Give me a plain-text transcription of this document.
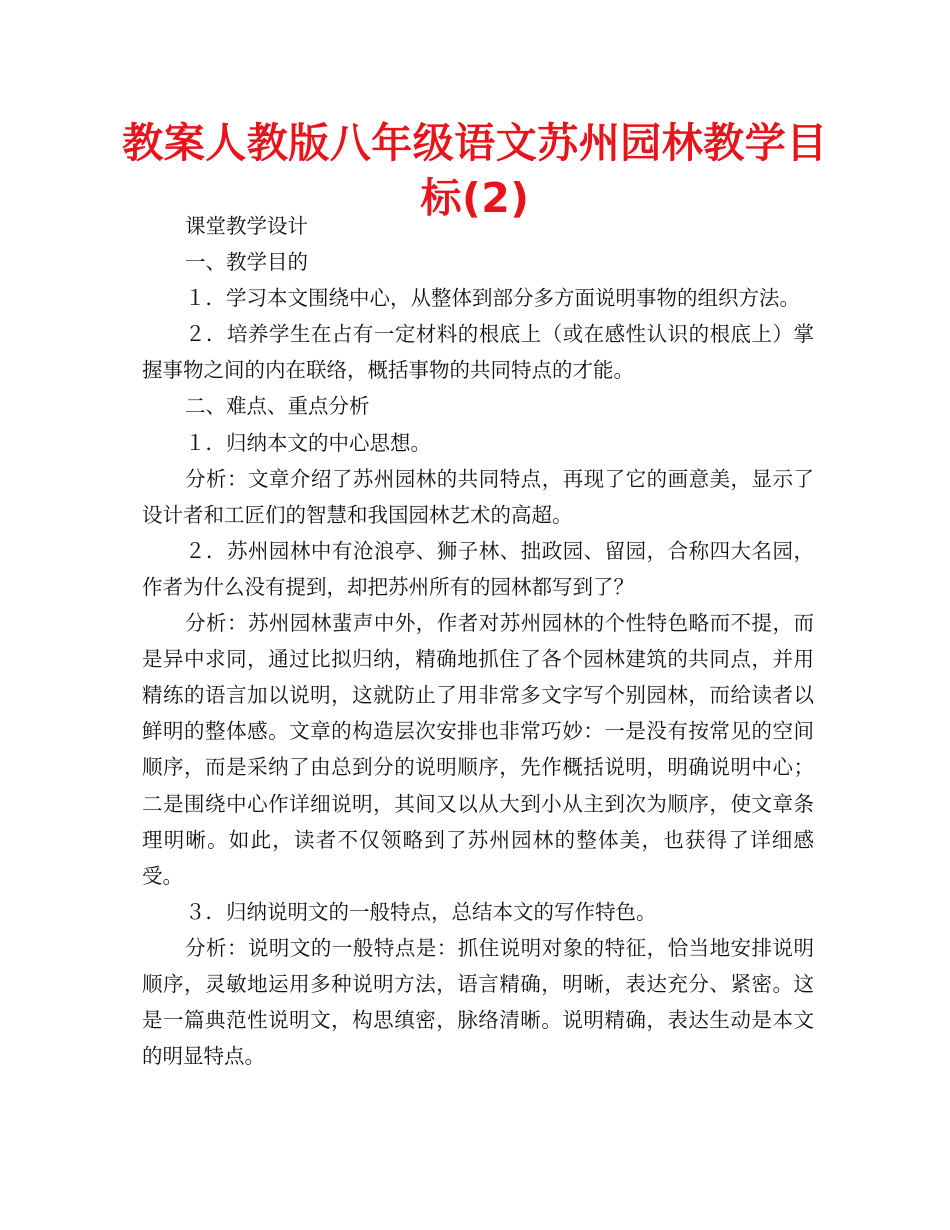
教案人教版八年级语文苏州园林教学目标(2)

课堂教学设计

一、教学目的

１．学习本文围绕中心，从整体到部分多方面说明事物的组织方法。

２．培养学生在占有一定材料的根底上（或在感性认识的根底上）掌握事物之间的内在联络，概括事物的共同特点的才能。

二、难点、重点分析

１．归纳本文的中心思想。

分析：文章介绍了苏州园林的共同特点，再现了它的画意美，显示了设计者和工匠们的智慧和我国园林艺术的高超。

２．苏州园林中有沧浪亭、狮子林、拙政园、留园，合称四大名园，作者为什么没有提到，却把苏州所有的园林都写到了？

分析：苏州园林蜚声中外，作者对苏州园林的个性特色略而不提，而是异中求同，通过比拟归纳，精确地抓住了各个园林建筑的共同点，并用精练的语言加以说明，这就防止了用非常多文字写个别园林，而给读者以鲜明的整体感。文章的构造层次安排也非常巧妙：一是没有按常见的空间顺序，而是采纳了由总到分的说明顺序，先作概括说明，明确说明中心；二是围绕中心作详细说明，其间又以从大到小从主到次为顺序，使文章条理明晰。如此，读者不仅领略到了苏州园林的整体美，也获得了详细感受。

３．归纳说明文的一般特点，总结本文的写作特色。

分析：说明文的一般特点是：抓住说明对象的特征，恰当地安排说明顺序，灵敏地运用多种说明方法，语言精确，明晰，表达充分、紧密。这是一篇典范性说明文，构思缜密，脉络清晰。说明精确，表达生动是本文的明显特点。
